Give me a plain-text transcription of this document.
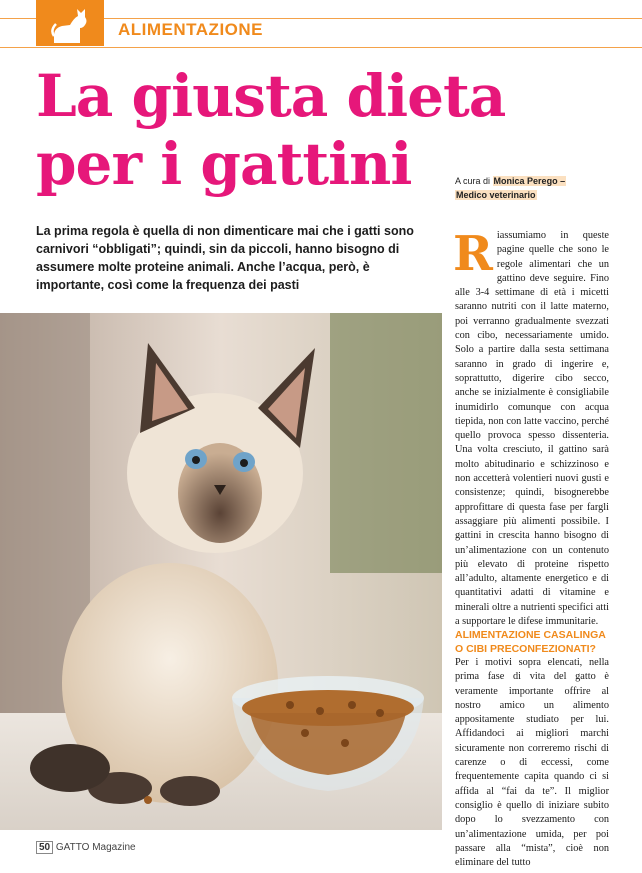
ALIMENTAZIONE
La giusta dieta
per i gattini	A cura di Monica Perego –
Medico veterinario

La prima regola è quella di non dimenticare mai che i gatti sono carnivori “obbligati”; quindi, sin da piccoli, hanno bisogno di assumere molte proteine animali. Anche l’acqua, però, è importante, così come la frequenza dei pasti

Riassumiamo in queste pagine quelle che sono le regole alimentari che un gattino deve seguire. Fino alle 3-4 settimane di età i micetti saranno nutriti con il latte materno, poi verranno gradualmente svezzati con cibo, necessariamente umido. Solo a partire dalla sesta settimana saranno in grado di ingerire e, soprattutto, digerire cibo secco, anche se inizialmente è consigliabile inumidirlo comunque con acqua tiepida, non con latte vaccino, perché quello provoca spesso dissenteria. Una volta cresciuto, il gattino sarà molto abitudinario e schizzinoso e non accetterà volentieri nuovi gusti e consistenze; quindi, bisognerebbe approfittare di questa fase per fargli assaggiare più alimenti possibile. I gattini in crescita hanno bisogno di un’alimentazione con un contenuto più elevato di proteine rispetto all’adulto, altamente energetico e di quantitativi adatti di vitamine e minerali oltre a nutrienti specifici atti a supportare le difese immunitarie.

ALIMENTAZIONE CASALINGA O CIBI PRECONFEZIONATI?

Per i motivi sopra elencati, nella prima fase di vita del gatto è veramente importante offrire al nostro amico un alimento appositamente studiato per lui. Affidandoci ai migliori marchi sicuramente non correremo rischi di carenze o di eccessi, come frequentemente capita quando ci si affida al “fai da te”. Il miglior consiglio è quello di iniziare subito dopo lo svezzamento con un’alimentazione umida, per poi passare alla “mista”, cioè non eliminare del tutto

50 GATTO Magazine
